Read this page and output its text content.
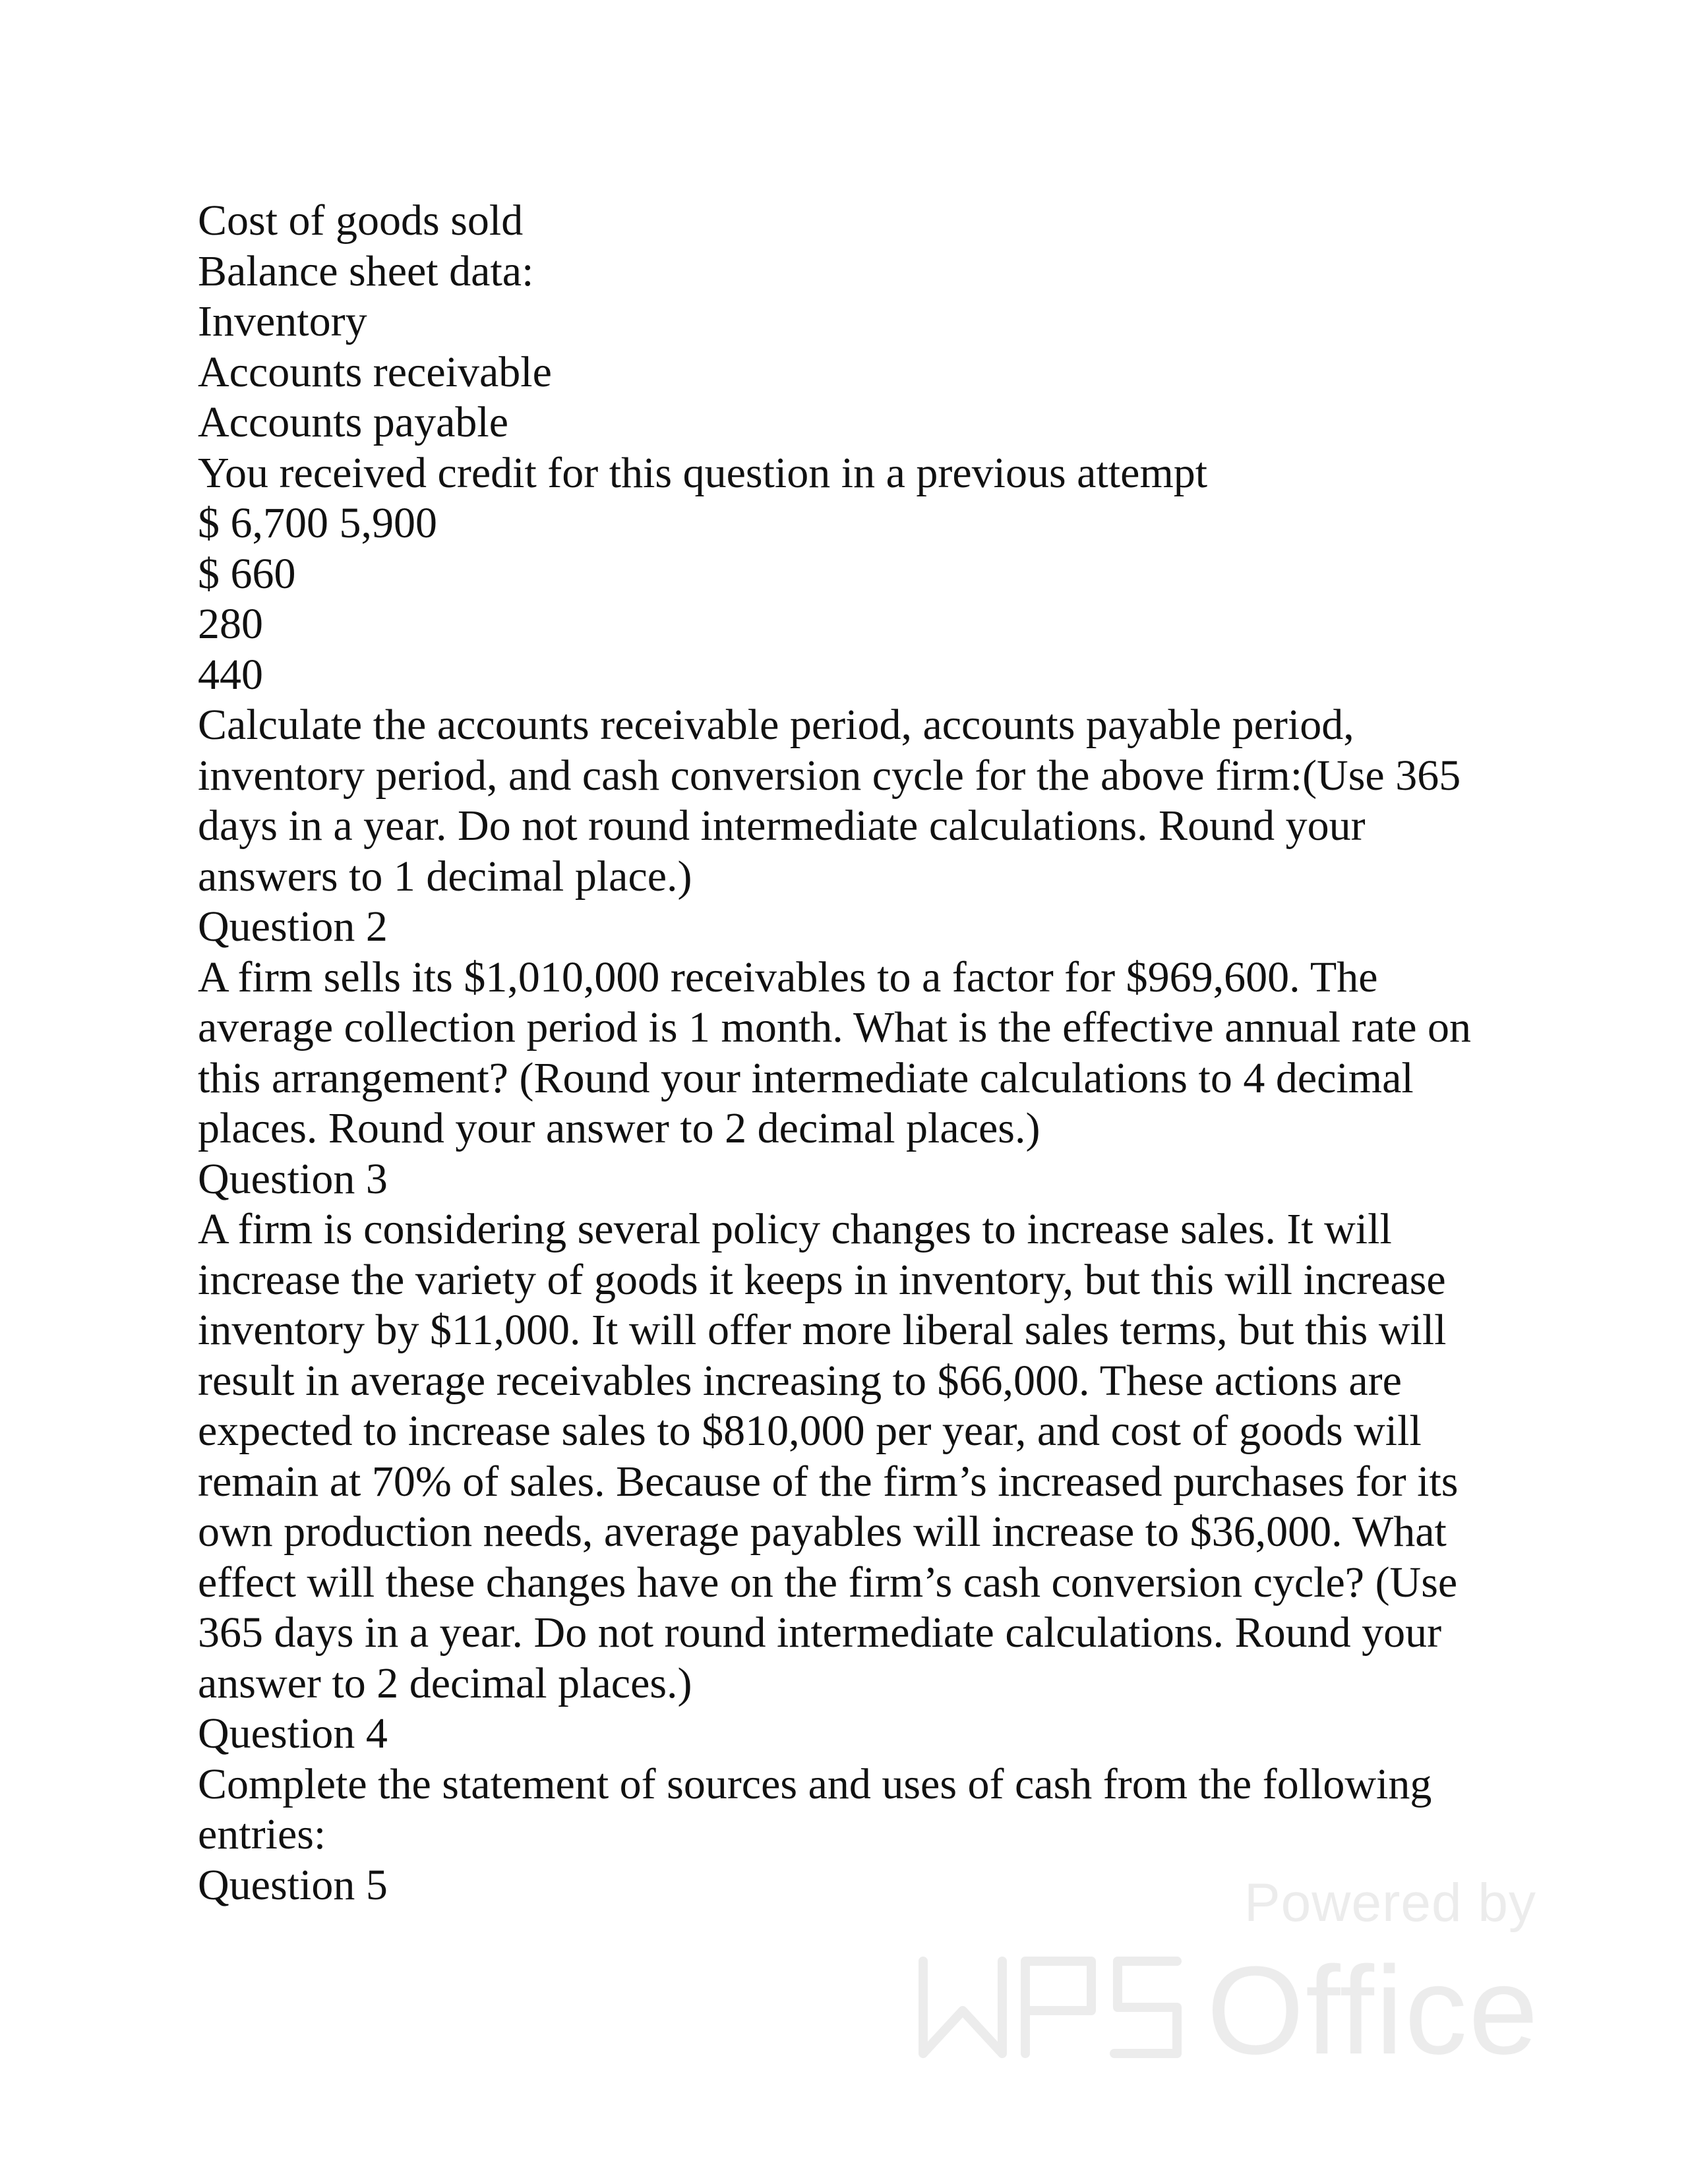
Cost of goods sold

Balance sheet data:

Inventory

Accounts receivable

Accounts payable

You received credit for this question in a previous attempt

$ 6,700 5,900

$ 660

280

440

Calculate the accounts receivable period, accounts payable period, inventory period, and cash conversion cycle for the above firm:(Use 365 days in a year. Do not round intermediate calculations. Round your answers to 1 decimal place.)

Question 2

A firm sells its $1,010,000 receivables to a factor for $969,600. The average collection period is 1 month. What is the effective annual rate on this arrangement? (Round your intermediate calculations to 4 decimal places. Round your answer to 2 decimal places.)

Question 3

A firm is considering several policy changes to increase sales. It will increase the variety of goods it keeps in inventory, but this will increase inventory by $11,000. It will offer more liberal sales terms, but this will result in average receivables increasing to $66,000. These actions are expected to increase sales to $810,000 per year, and cost of goods will remain at 70% of sales. Because of the firm’s increased purchases for its own production needs, average payables will increase to $36,000. What effect will these changes have on the firm’s cash conversion cycle? (Use 365 days in a year. Do not round intermediate calculations. Round your answer to 2 decimal places.)

Question 4

Complete the statement of sources and uses of cash from the following entries:

Question 5	Powered by
Office
